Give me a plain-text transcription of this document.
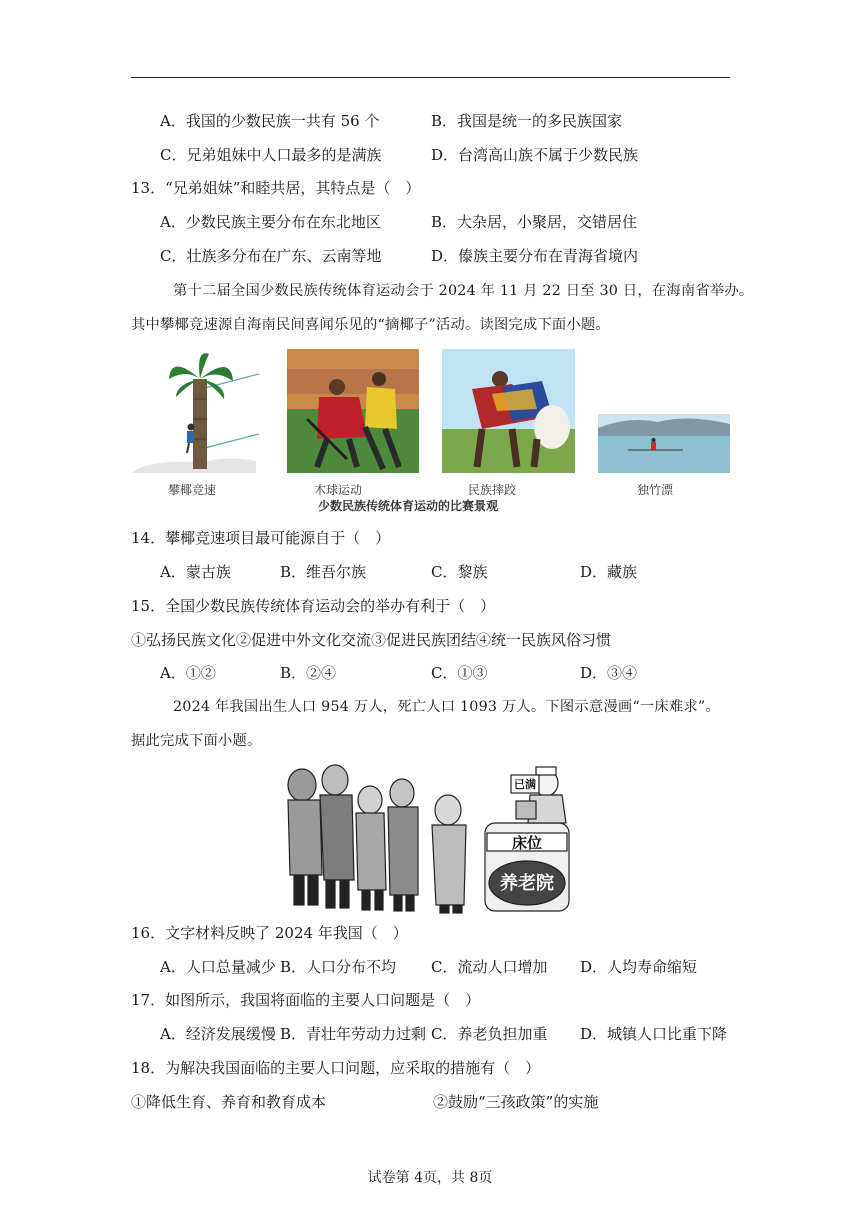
A．我国的少数民族一共有 56 个	B．我国是统一的多民族国家
C．兄弟姐妹中人口最多的是满族	D．台湾高山族不属于少数民族
13．“兄弟姐妹”和睦共居，其特点是（　）
A．少数民族主要分布在东北地区	B．大杂居，小聚居，交错居住
C．壮族多分布在广东、云南等地	D．傣族主要分布在青海省境内
第十二届全国少数民族传统体育运动会于 2024 年 11 月 22 日至 30 日，在海南省举办。
其中攀椰竞速源自海南民间喜闻乐见的“摘椰子”活动。读图完成下面小题。
攀椰竞速	木球运动	民族摔跤	独竹漂
少数民族传统体育运动的比赛景观
14．攀椰竞速项目最可能源自于（　）
A．蒙古族	B．维吾尔族	C．黎族	D．藏族
15．全国少数民族传统体育运动会的举办有利于（　）
①弘扬民族文化②促进中外文化交流③促进民族团结④统一民族风俗习惯
A．①②	B．②④	C．①③	D．③④
2024 年我国出生人口 954 万人，死亡人口 1093 万人。下图示意漫画“一床难求”。
据此完成下面小题。
已满
床位
养老院
16．文字材料反映了 2024 年我国（　）
A．人口总量减少 B．人口分布不均 C．流动人口增加 D．人均寿命缩短
17．如图所示，我国将面临的主要人口问题是（　）
A．经济发展缓慢 B．青壮年劳动力过剩 C．养老负担加重 D．城镇人口比重下降
18．为解决我国面临的主要人口问题，应采取的措施有（　）
①降低生育、养育和教育成本	②鼓励“三孩政策”的实施
试卷第 4页，共 8页
